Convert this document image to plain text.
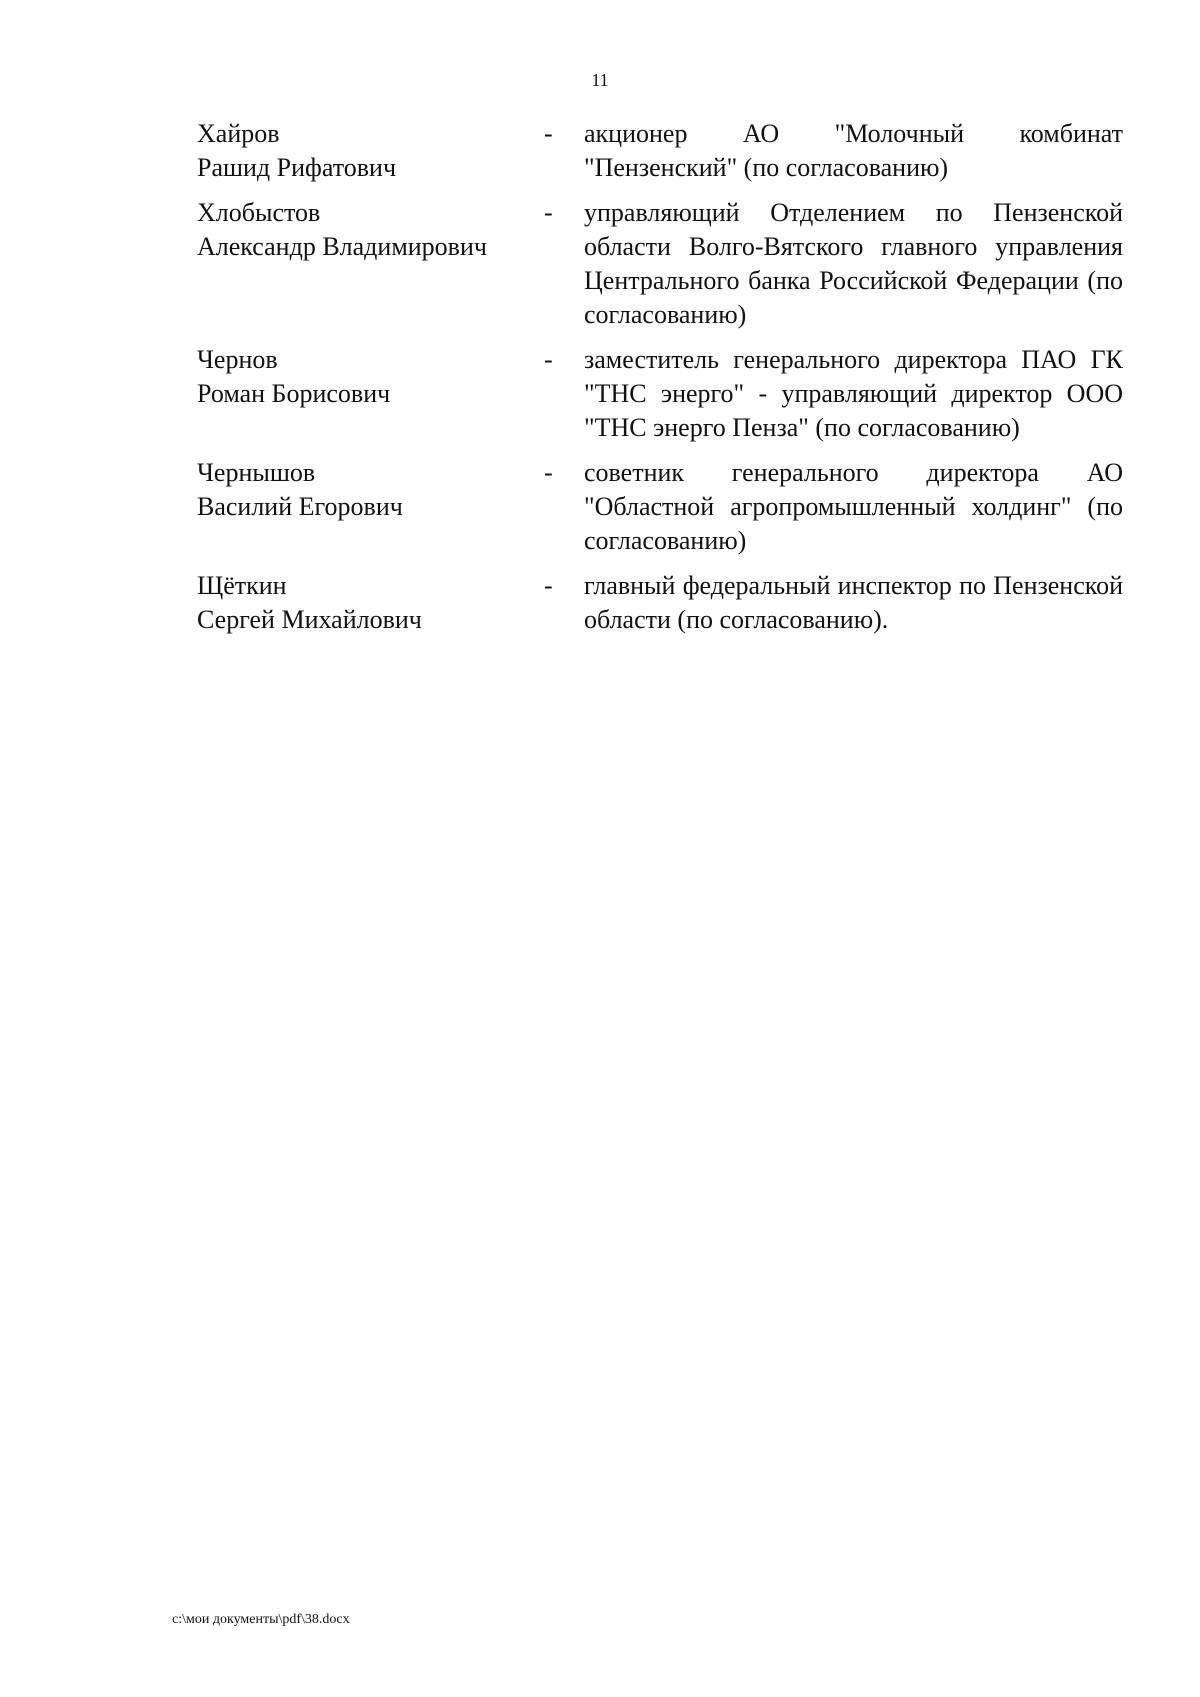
11
Хайров
Рашид Рифатович
-	акционер АО "Молочный комбинат "Пензенский" (по согласованию)
Хлобыстов
Александр Владимирович
-	управляющий Отделением по Пензенской области Волго-Вятского главного управления Центрального банка Российской Федерации (по согласованию)
Чернов
Роман Борисович
-	заместитель генерального директора ПАО ГК "ТНС энерго" - управляющий директор ООО "ТНС энерго Пенза" (по согласованию)
Чернышов
Василий Егорович
-	советник генерального директора АО "Областной агропромышленный холдинг" (по согласованию)
Щёткин
Сергей Михайлович
-	главный федеральный инспектор по Пензенской области (по согласованию).
c:\мои документы\pdf\38.docx
